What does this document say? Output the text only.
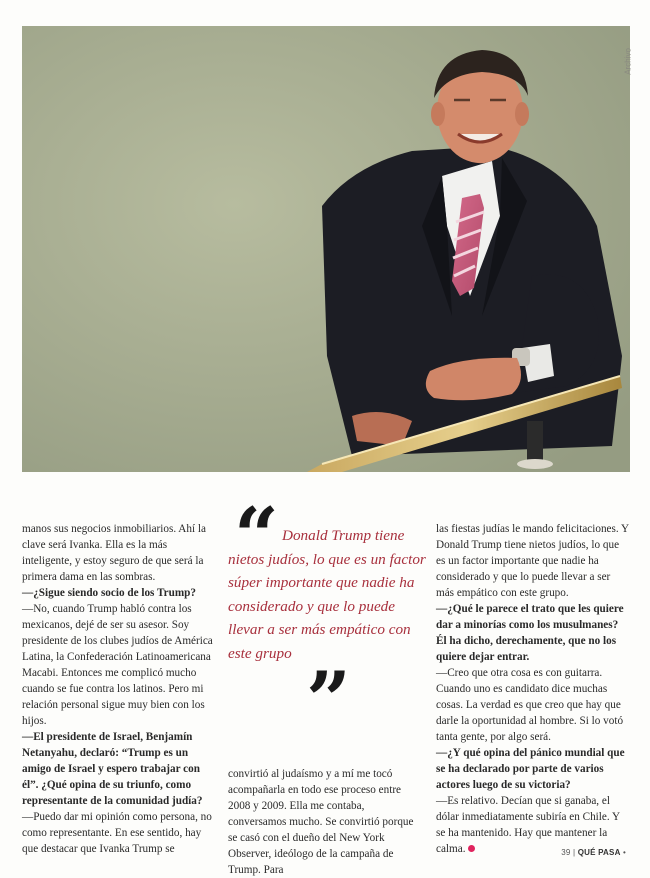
Archivo

manos sus negocios inmobiliarios. Ahí la clave será Ivanka. Ella es la más inteligente, y estoy seguro de que será la primera dama en las sombras.

—¿Sigue siendo socio de los Trump?

—No, cuando Trump habló contra los mexicanos, dejé de ser su asesor. Soy presidente de los clubes judíos de América Latina, la Confederación Latinoamericana Macabi. Entonces me complicó mucho cuando se fue contra los latinos. Pero mi relación personal sigue muy bien con los hijos.

—El presidente de Israel, Benjamín Netanyahu, declaró: “Trump es un amigo de Israel y espero trabajar con él”. ¿Qué opina de su triunfo, como representante de la comunidad judía?

—Puedo dar mi opinión como persona, no como representante. En ese sentido, hay que destacar que Ivanka Trump se

“ Donald Trump tiene nietos judíos, lo que es un factor súper importante que nadie ha considerado y que lo puede llevar a ser más empático con este grupo
”

convirtió al judaísmo y a mí me tocó acompañarla en todo ese proceso entre 2008 y 2009. Ella me contaba, conversamos mucho. Se convirtió porque se casó con el dueño del New York Observer, ideólogo de la campaña de Trump. Para

las fiestas judías le mando felicitaciones. Y Donald Trump tiene nietos judíos, lo que es un factor importante que nadie ha considerado y que lo puede llevar a ser más empático con este grupo.

—¿Qué le parece el trato que les quiere dar a minorías como los musulmanes? Él ha dicho, derechamente, que no los quiere dejar entrar.

—Creo que otra cosa es con guitarra. Cuando uno es candidato dice muchas cosas. La verdad es que creo que hay que darle la oportunidad al hombre. Si lo votó tanta gente, por algo será.

—¿Y qué opina del pánico mundial que se ha declarado por parte de varios actores luego de su victoria?

—Es relativo. Decían que si ganaba, el dólar inmediatamente subiría en Chile. Y se ha mantenido. Hay que mantener la calma.	39 | QUÉ PASA •
